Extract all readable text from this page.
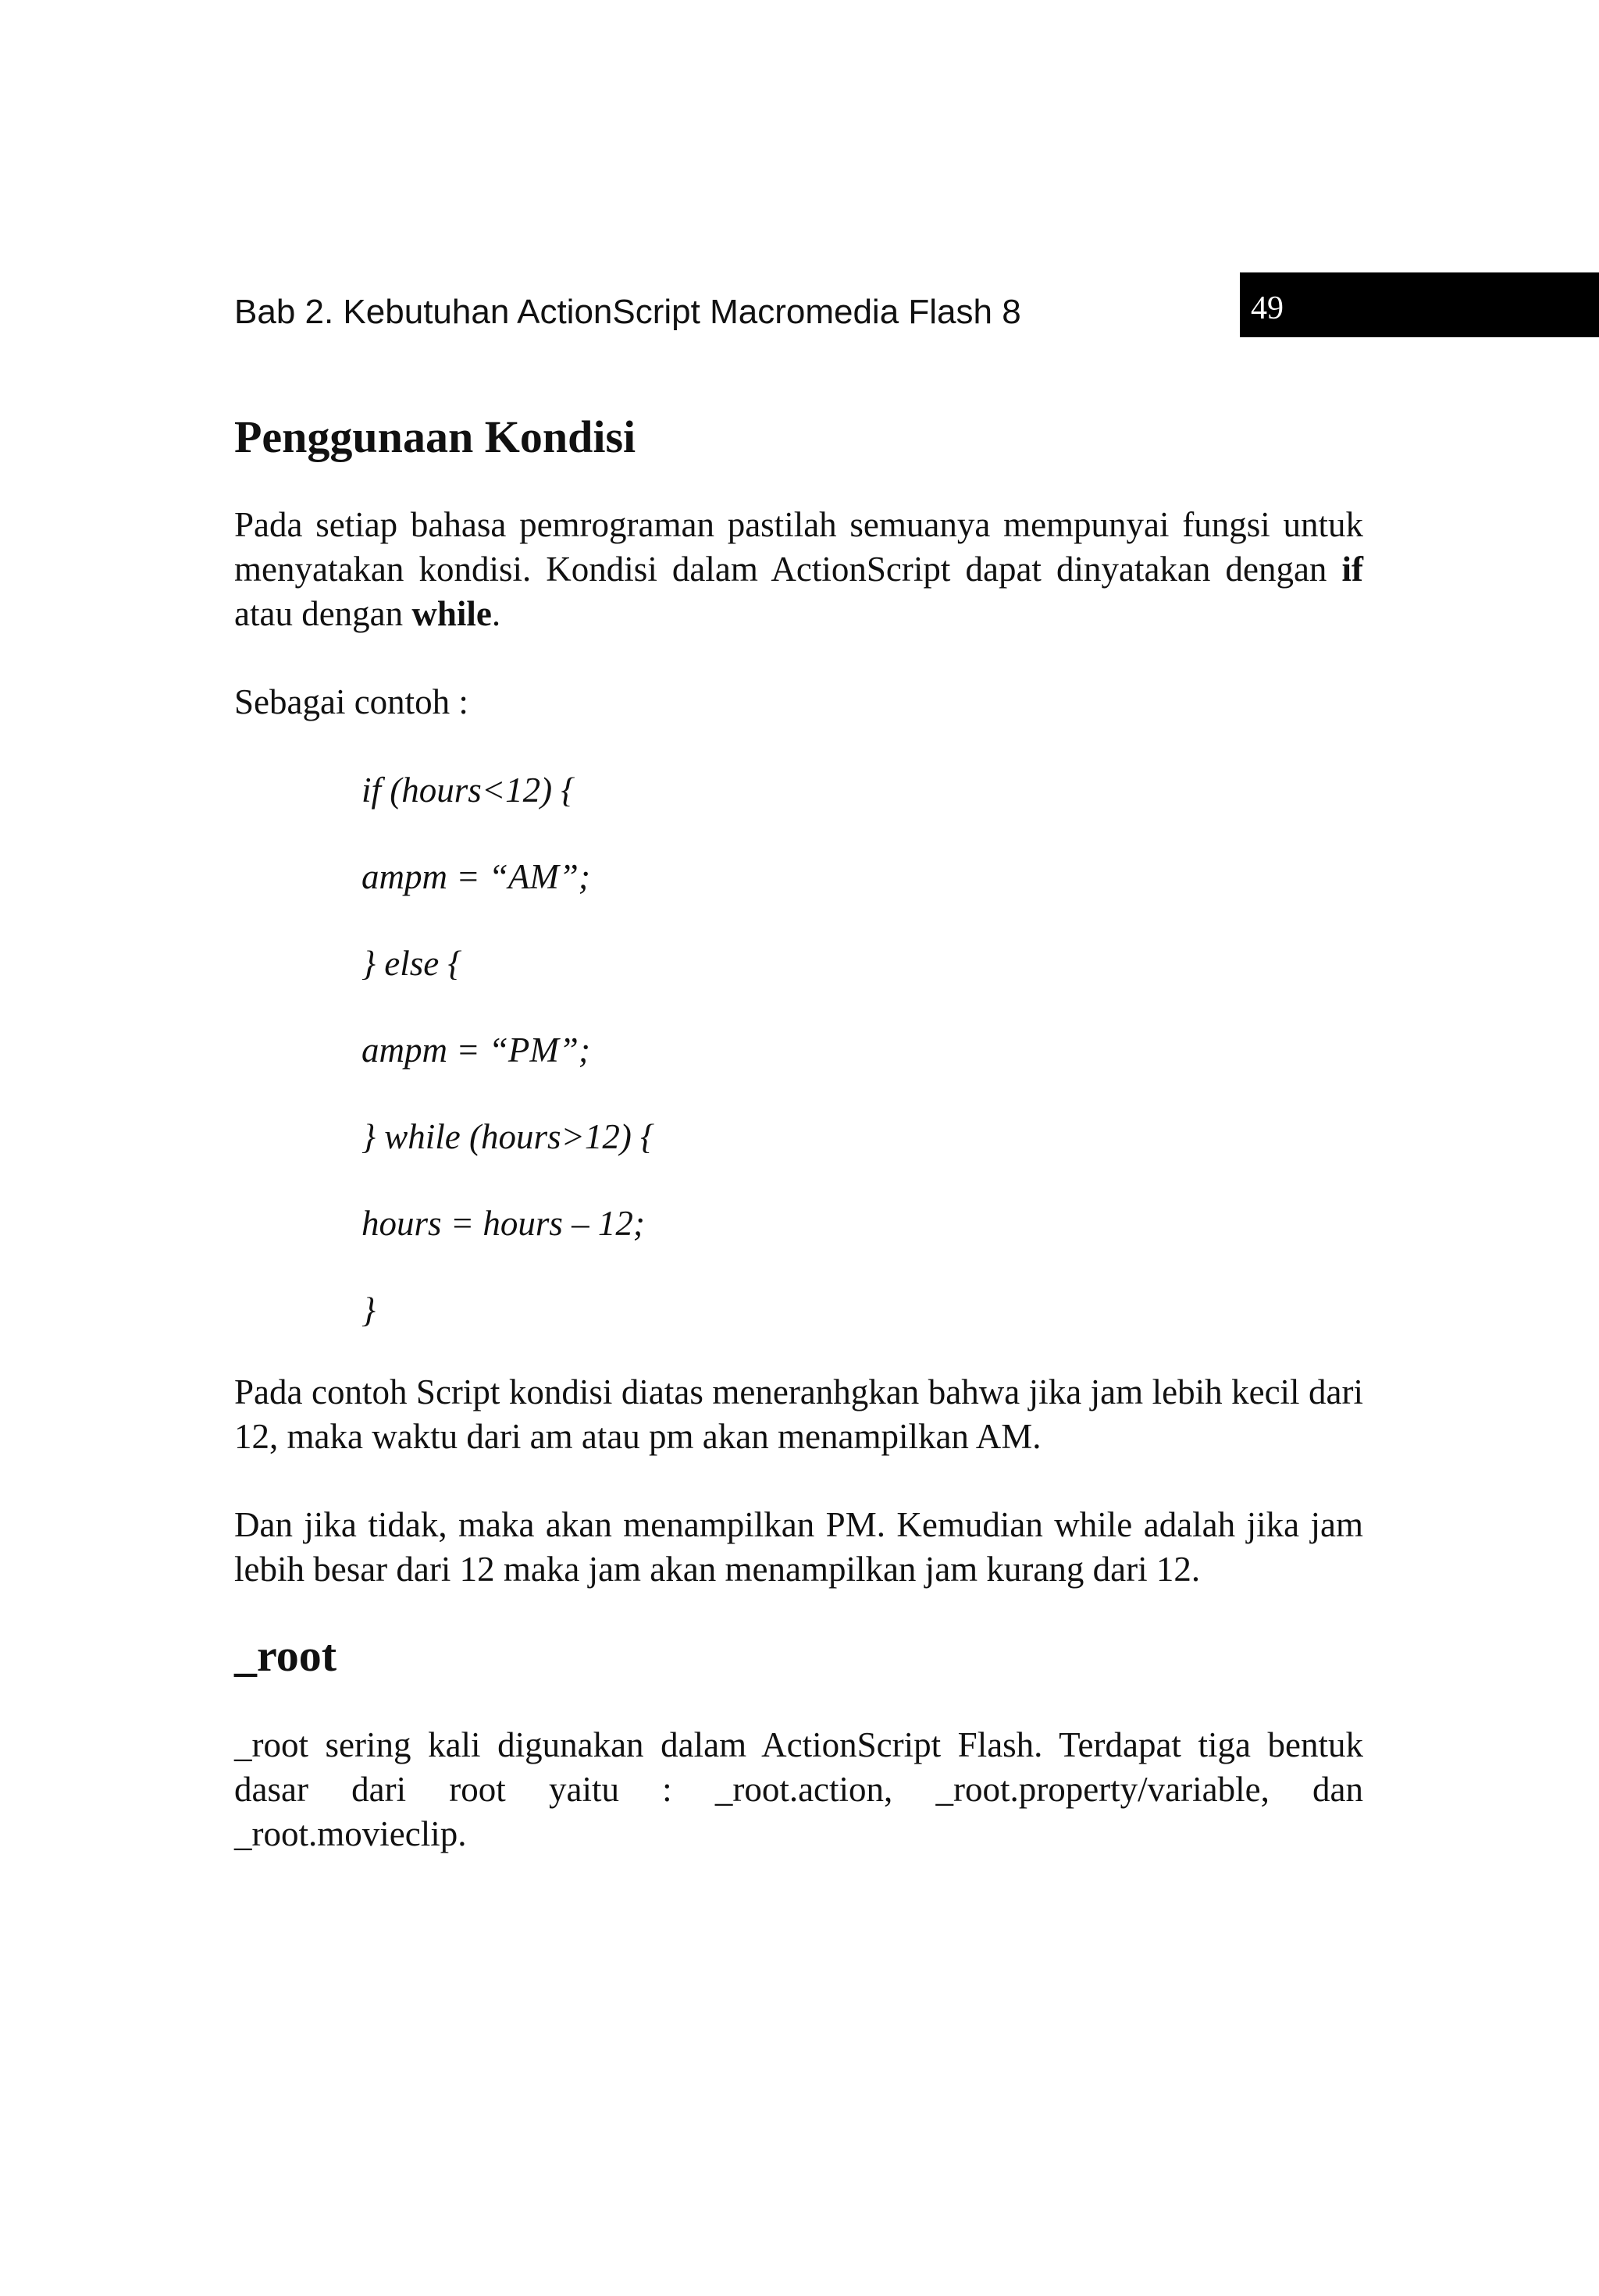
Bab 2. Kebutuhan ActionScript Macromedia Flash 8	49
Penggunaan Kondisi

Pada setiap bahasa pemrograman pastilah semuanya mempunyai fungsi untuk menyatakan kondisi. Kondisi dalam ActionScript dapat dinyatakan dengan if atau dengan while.

Sebagai contoh :

if (hours<12) {
ampm = “AM”;
} else {
ampm = “PM”;
} while (hours>12) {
hours = hours – 12;
}

Pada contoh Script kondisi diatas meneranhgkan bahwa jika jam lebih kecil dari 12, maka waktu dari am atau pm akan menampilkan AM.

Dan jika tidak, maka akan menampilkan PM. Kemudian while adalah jika jam lebih besar dari 12 maka jam akan menampilkan jam kurang dari 12.

_root

_root sering kali digunakan dalam ActionScript Flash. Terdapat tiga bentuk dasar dari root yaitu : _root.action, _root.property/variable, dan _root.movieclip.
